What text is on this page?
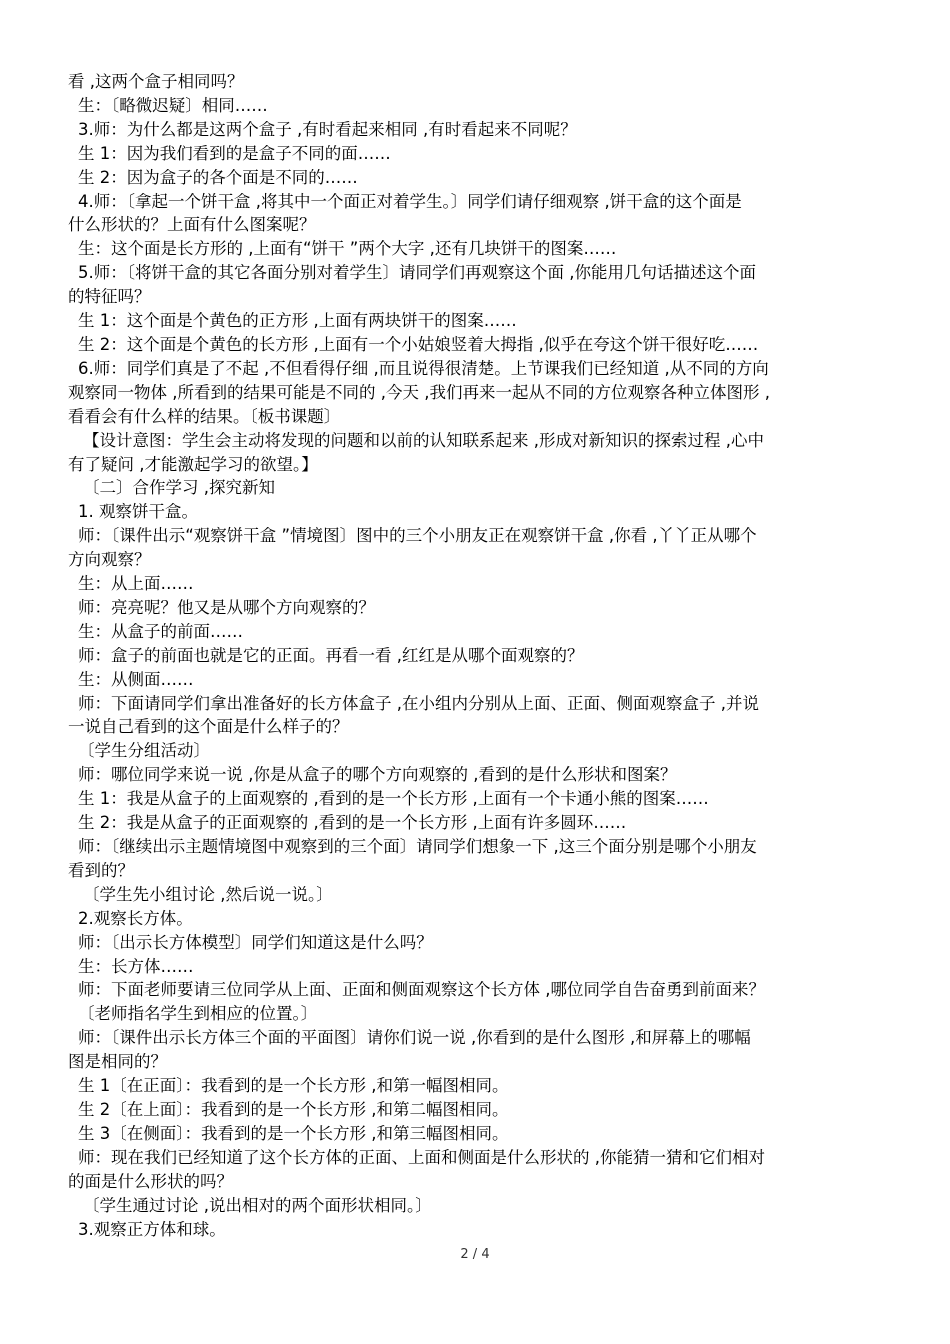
看 ,这两个盒子相同吗？
生：〔略微迟疑〕相同……
3.师：为什么都是这两个盒子 ,有时看起来相同 ,有时看起来不同呢？
生 1：因为我们看到的是盒子不同的面……
生 2：因为盒子的各个面是不同的……
4.师：〔拿起一个饼干盒 ,将其中一个面正对着学生。〕同学们请仔细观察 ,饼干盒的这个面是
什么形状的？上面有什么图案呢？
生：这个面是长方形的 ,上面有“饼干 ”两个大字 ,还有几块饼干的图案……
5.师：〔将饼干盒的其它各面分别对着学生〕请同学们再观察这个面 ,你能用几句话描述这个面
的特征吗？
生 1：这个面是个黄色的正方形 ,上面有两块饼干的图案……
生 2：这个面是个黄色的长方形 ,上面有一个小姑娘竖着大拇指 ,似乎在夸这个饼干很好吃……
6.师：同学们真是了不起 ,不但看得仔细 ,而且说得很清楚。上节课我们已经知道 ,从不同的方向
观察同一物体 ,所看到的结果可能是不同的 ,今天 ,我们再来一起从不同的方位观察各种立体图形 ,
看看会有什么样的结果。〔板书课题〕
【设计意图：学生会主动将发现的问题和以前的认知联系起来 ,形成对新知识的探索过程 ,心中
有了疑问 ,才能激起学习的欲望。】
〔二〕合作学习 ,探究新知
1. 观察饼干盒。
师：〔课件出示“观察饼干盒 ”情境图〕图中的三个小朋友正在观察饼干盒 ,你看 ,丫丫正从哪个
方向观察？
生：从上面……
师：亮亮呢？他又是从哪个方向观察的？
生：从盒子的前面……
师：盒子的前面也就是它的正面。再看一看 ,红红是从哪个面观察的？
生：从侧面……
师：下面请同学们拿出准备好的长方体盒子 ,在小组内分别从上面、正面、侧面观察盒子 ,并说
一说自己看到的这个面是什么样子的？
〔学生分组活动〕
师：哪位同学来说一说 ,你是从盒子的哪个方向观察的 ,看到的是什么形状和图案？
生 1：我是从盒子的上面观察的 ,看到的是一个长方形 ,上面有一个卡通小熊的图案……
生 2：我是从盒子的正面观察的 ,看到的是一个长方形 ,上面有许多圆环……
师：〔继续出示主题情境图中观察到的三个面〕请同学们想象一下 ,这三个面分别是哪个小朋友
看到的？
〔学生先小组讨论 ,然后说一说。〕
2.观察长方体。
师：〔出示长方体模型〕同学们知道这是什么吗？
生：长方体……
师：下面老师要请三位同学从上面、正面和侧面观察这个长方体 ,哪位同学自告奋勇到前面来？
〔老师指名学生到相应的位置。〕
师：〔课件出示长方体三个面的平面图〕请你们说一说 ,你看到的是什么图形 ,和屏幕上的哪幅
图是相同的？
生 1〔在正面〕：我看到的是一个长方形 ,和第一幅图相同。
生 2〔在上面〕：我看到的是一个长方形 ,和第二幅图相同。
生 3〔在侧面〕：我看到的是一个长方形 ,和第三幅图相同。
师：现在我们已经知道了这个长方体的正面、上面和侧面是什么形状的 ,你能猜一猜和它们相对
的面是什么形状的吗？
〔学生通过讨论 ,说出相对的两个面形状相同。〕
3.观察正方体和球。
2 / 4
